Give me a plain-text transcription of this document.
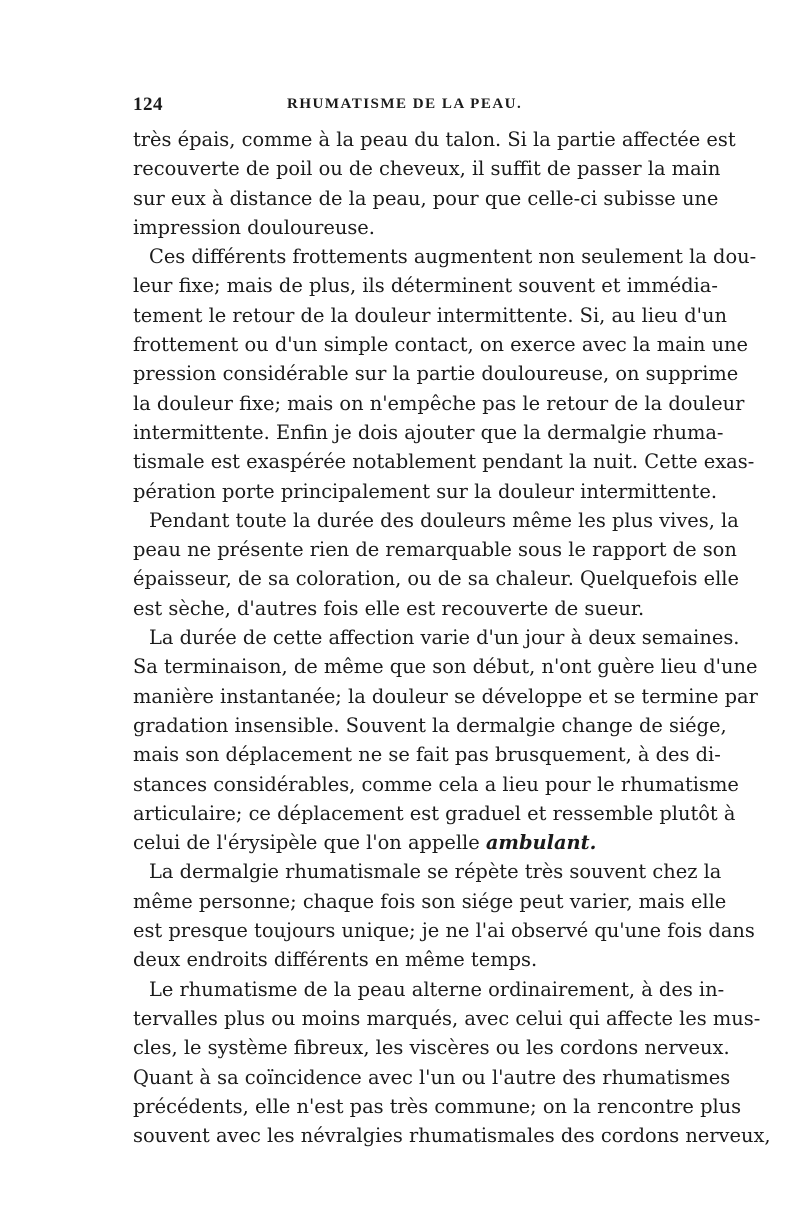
124	RHUMATISME DE LA PEAU.
très épais, comme à la peau du talon. Si la partie affectée est
recouverte de poil ou de cheveux, il suffit de passer la main
sur eux à distance de la peau, pour que celle-ci subisse une
impression douloureuse.
Ces différents frottements augmentent non seulement la dou-
leur fixe; mais de plus, ils déterminent souvent et immédia-
tement le retour de la douleur intermittente. Si, au lieu d'un
frottement ou d'un simple contact, on exerce avec la main une
pression considérable sur la partie douloureuse, on supprime
la douleur fixe; mais on n'empêche pas le retour de la douleur
intermittente. Enfin je dois ajouter que la dermalgie rhuma-
tismale est exaspérée notablement pendant la nuit. Cette exas-
pération porte principalement sur la douleur intermittente.
Pendant toute la durée des douleurs même les plus vives, la
peau ne présente rien de remarquable sous le rapport de son
épaisseur, de sa coloration, ou de sa chaleur. Quelquefois elle
est sèche, d'autres fois elle est recouverte de sueur.
La durée de cette affection varie d'un jour à deux semaines.
Sa terminaison, de même que son début, n'ont guère lieu d'une
manière instantanée; la douleur se développe et se termine par
gradation insensible. Souvent la dermalgie change de siége,
mais son déplacement ne se fait pas brusquement, à des di-
stances considérables, comme cela a lieu pour le rhumatisme
articulaire; ce déplacement est graduel et ressemble plutôt à
celui de l'érysipèle que l'on appelle ambulant.
La dermalgie rhumatismale se répète très souvent chez la
même personne; chaque fois son siége peut varier, mais elle
est presque toujours unique; je ne l'ai observé qu'une fois dans
deux endroits différents en même temps.
Le rhumatisme de la peau alterne ordinairement, à des in-
tervalles plus ou moins marqués, avec celui qui affecte les mus-
cles, le système fibreux, les viscères ou les cordons nerveux.
Quant à sa coïncidence avec l'un ou l'autre des rhumatismes
précédents, elle n'est pas très commune; on la rencontre plus
souvent avec les névralgies rhumatismales des cordons nerveux,
